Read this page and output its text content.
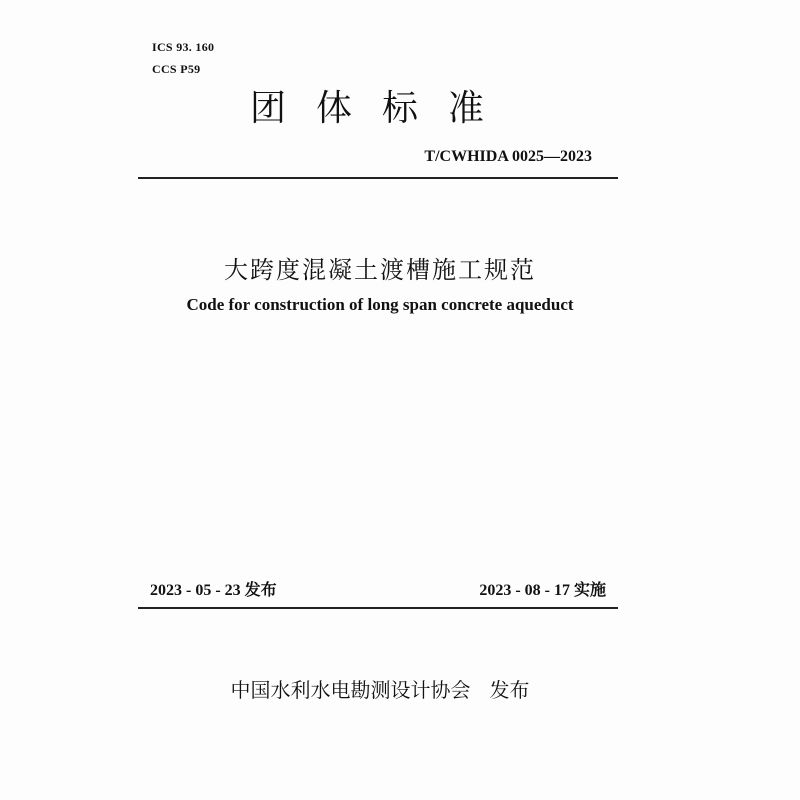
ICS 93. 160
CCS P59
团体标准
T/CWHIDA 0025—2023
大跨度混凝土渡槽施工规范
Code for construction of long span concrete aqueduct
2023 - 05 - 23 发布	2023 - 08 - 17 实施
中国水利水电勘测设计协会   发布
